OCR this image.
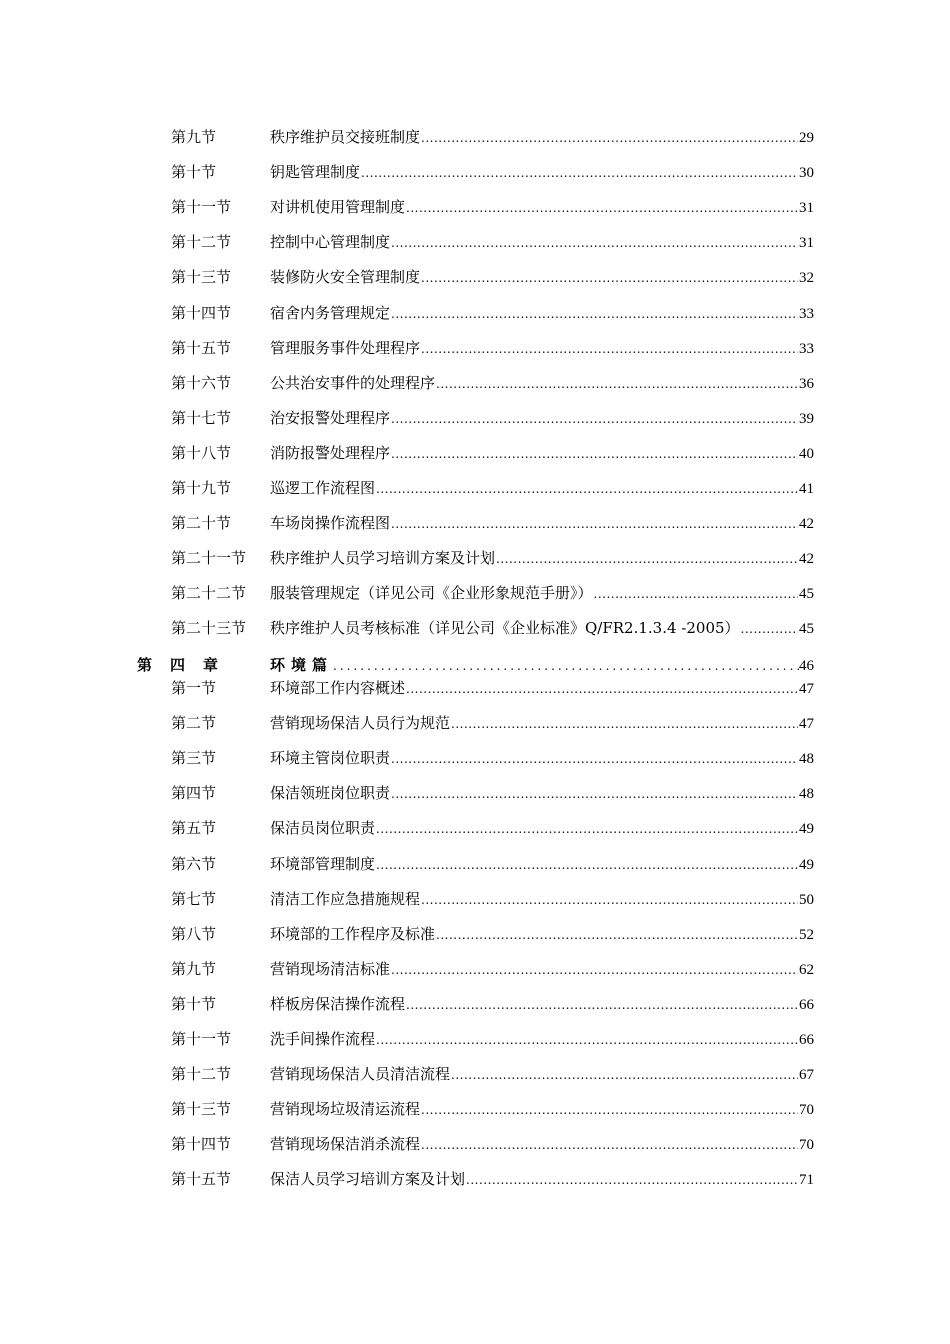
第九节	秩序维护员交接班制度 .....	29
第十节	钥匙管理制度 .....	30
第十一节	对讲机使用管理制度 .....	31
第十二节	控制中心管理制度 .....	31
第十三节	装修防火安全管理制度 .....	32
第十四节	宿舍内务管理规定 .....	33
第十五节	管理服务事件处理程序 .....	33
第十六节	公共治安事件的处理程序 .....	36
第十七节	治安报警处理程序 .....	39
第十八节	消防报警处理程序 .....	40
第十九节	巡逻工作流程图 .....	41
第二十节	车场岗操作流程图 .....	42
第二十一节	秩序维护人员学习培训方案及计划 .....	42
第二十二节	服装管理规定（详见公司《企业形象规范手册》） .....	45
第二十三节	秩序维护人员考核标准（详见公司《企业标准》Q/FR2.1.3.4 -2005） .....	45
第四章	环境篇 .....	46
第一节	环境部工作内容概述 .....	47
第二节	营销现场保洁人员行为规范 .....	47
第三节	环境主管岗位职责 .....	48
第四节	保洁领班岗位职责 .....	48
第五节	保洁员岗位职责 .....	49
第六节	环境部管理制度 .....	49
第七节	清洁工作应急措施规程 .....	50
第八节	环境部的工作程序及标准 .....	52
第九节	营销现场清洁标准 .....	62
第十节	样板房保洁操作流程 .....	66
第十一节	洗手间操作流程 .....	66
第十二节	营销现场保洁人员清洁流程 .....	67
第十三节	营销现场垃圾清运流程 .....	70
第十四节	营销现场保洁消杀流程 .....	70
第十五节	保洁人员学习培训方案及计划 .....	71
